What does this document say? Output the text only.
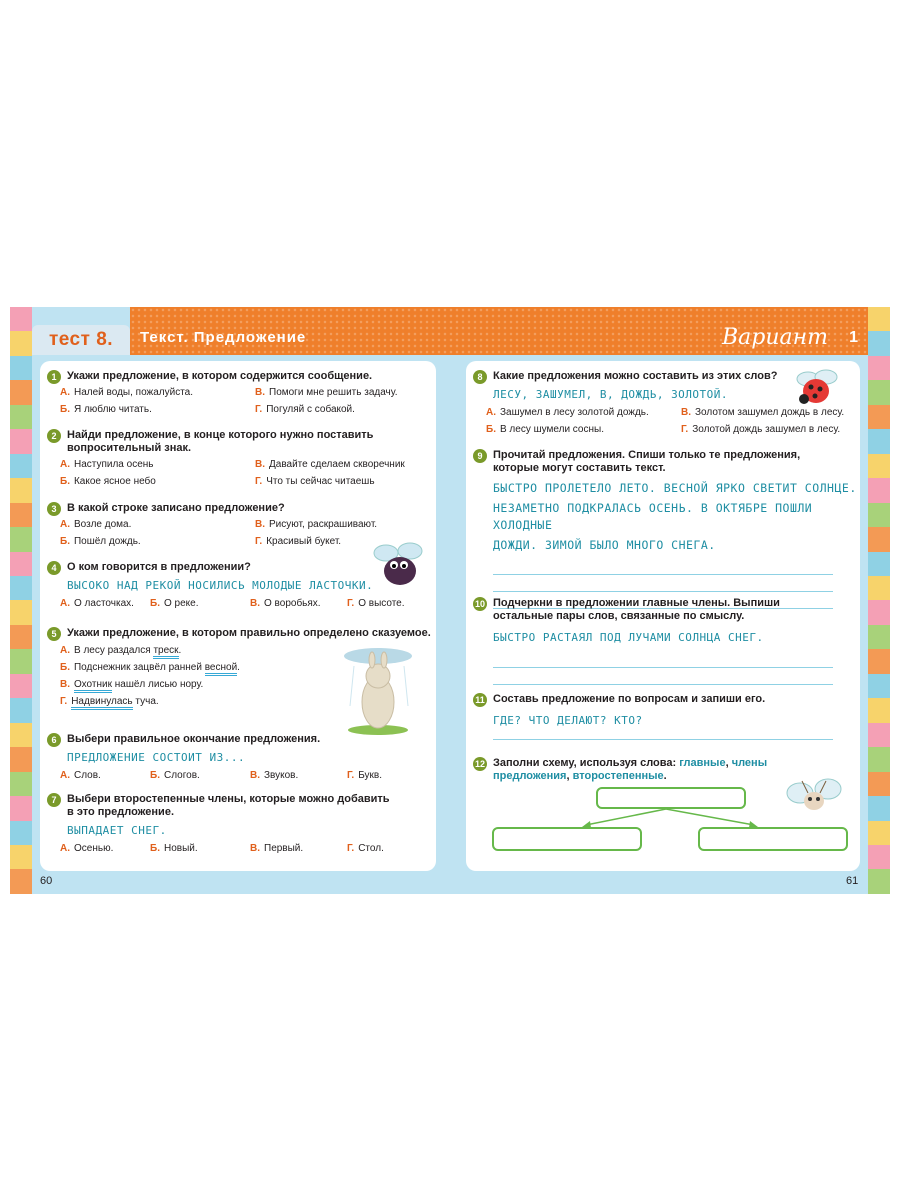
тест 8.	Текст. Предложение	Вариант 1
1 Укажи предложение, в котором содержится сообщение.
А. Налей воды, пожалуйста.	В. Помоги мне решить задачу.
Б. Я люблю читать.	Г. Погуляй с собакой.
2 Найди предложение, в конце которого нужно поставить вопросительный знак.
А. Наступила осень	В. Давайте сделаем скворечник
Б. Какое ясное небо	Г. Что ты сейчас читаешь
3 В какой строке записано предложение?
А. Возле дома.	В. Рисуют, раскрашивают.
Б. Пошёл дождь.	Г. Красивый букет.
4 О ком говорится в предложении?
ВЫСОКО НАД РЕКОЙ НОСИЛИСЬ МОЛОДЫЕ ЛАСТОЧКИ.
А. О ласточках. Б. О реке.	В. О воробьях.	Г. О высоте.
5 Укажи предложение, в котором правильно определено сказуемое.
А. В лесу раздался треск.
Б. Подснежник зацвёл ранней весной.
В. Охотник нашёл лисью нору.
Г. Надвинулась туча.
6 Выбери правильное окончание предложения.
ПРЕДЛОЖЕНИЕ СОСТОИТ ИЗ...
А. Слов.	Б. Слогов.	В. Звуков.	Г. Букв.
7 Выбери второстепенные члены, которые можно добавить в это предложение.
ВЫПАДАЕТ СНЕГ.
А. Осенью.	Б. Новый.	В. Первый.	Г. Стол.
60
8 Какие предложения можно составить из этих слов?
ЛЕСУ, ЗАШУМЕЛ, В, ДОЖДЬ, ЗОЛОТОЙ.
А. Зашумел в лесу золотой дождь.	В. Золотом зашумел дождь в лесу.
Б. В лесу шумели сосны.	Г. Золотой дождь зашумел в лесу.
9 Прочитай предложения. Спиши только те предложения, которые могут составить текст.
БЫСТРО ПРОЛЕТЕЛО ЛЕТО. ВЕСНОЙ ЯРКО СВЕТИТ СОЛНЦЕ.
НЕЗАМЕТНО ПОДКРАЛАСЬ ОСЕНЬ. В ОКТЯБРЕ ПОШЛИ ХОЛОДНЫЕ
ДОЖДИ. ЗИМОЙ БЫЛО МНОГО СНЕГА.
10 Подчеркни в предложении главные члены. Выпиши остальные пары слов, связанные по смыслу.
БЫСТРО РАСТАЯЛ ПОД ЛУЧАМИ СОЛНЦА СНЕГ.
11 Составь предложение по вопросам и запиши его.
ГДЕ? ЧТО ДЕЛАЮТ? КТО?
12 Заполни схему, используя слова: главные, члены предложения, второстепенные.
61
